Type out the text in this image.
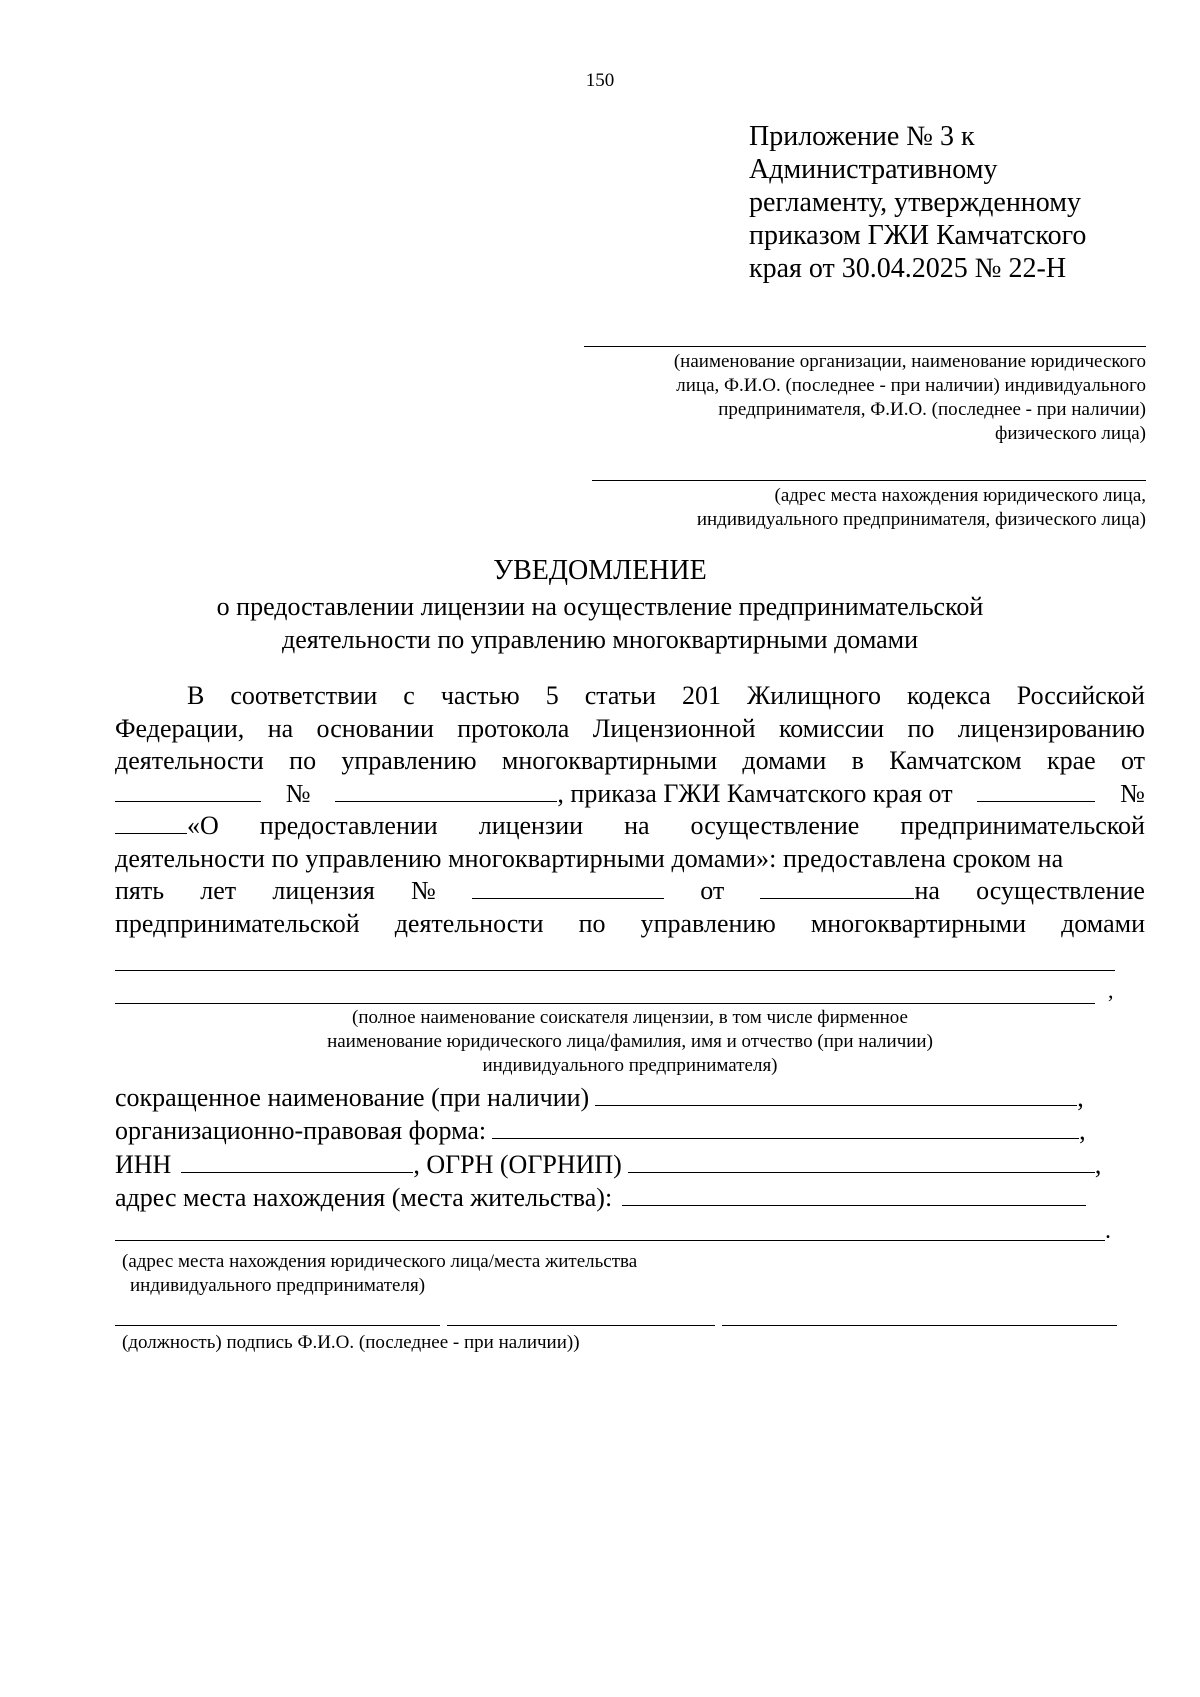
150
Приложение № 3 к
Административному
регламенту, утвержденному
приказом ГЖИ Камчатского
края от 30.04.2025 № 22-Н
(наименование организации, наименование юридического
лица, Ф.И.О. (последнее - при наличии) индивидуального
предпринимателя, Ф.И.О. (последнее - при наличии)
физического лица)
(адрес места нахождения юридического лица,
индивидуального предпринимателя, физического лица)
УВЕДОМЛЕНИЕ
о предоставлении лицензии на осуществление предпринимательской
деятельности по управлению многоквартирными домами
В соответствии с частью 5 статьи 201 Жилищного кодекса Российской
Федерации, на основании протокола Лицензионной комиссии по лицензированию
деятельности по управлению многоквартирными домами в Камчатском крае от
№	, приказа ГЖИ Камчатского края от	№
«О предоставлении лицензии на осуществление предпринимательской
деятельности по управлению многоквартирными домами»: предоставлена сроком на
пять лет лицензия №	от	на осуществление
предпринимательской деятельности по управлению многоквартирными домами
,
(полное наименование соискателя лицензии, в том числе фирменное
наименование юридического лица/фамилия, имя и отчество (при наличии)
индивидуального предпринимателя)
сокращенное наименование (при наличии)	,
организационно-правовая форма:	,
ИНН	, ОГРН (ОГРНИП)	,
адрес места нахождения (места жительства):
.
(адрес места нахождения юридического лица/места жительства
индивидуального предпринимателя)
(должность) подпись Ф.И.О. (последнее - при наличии))
